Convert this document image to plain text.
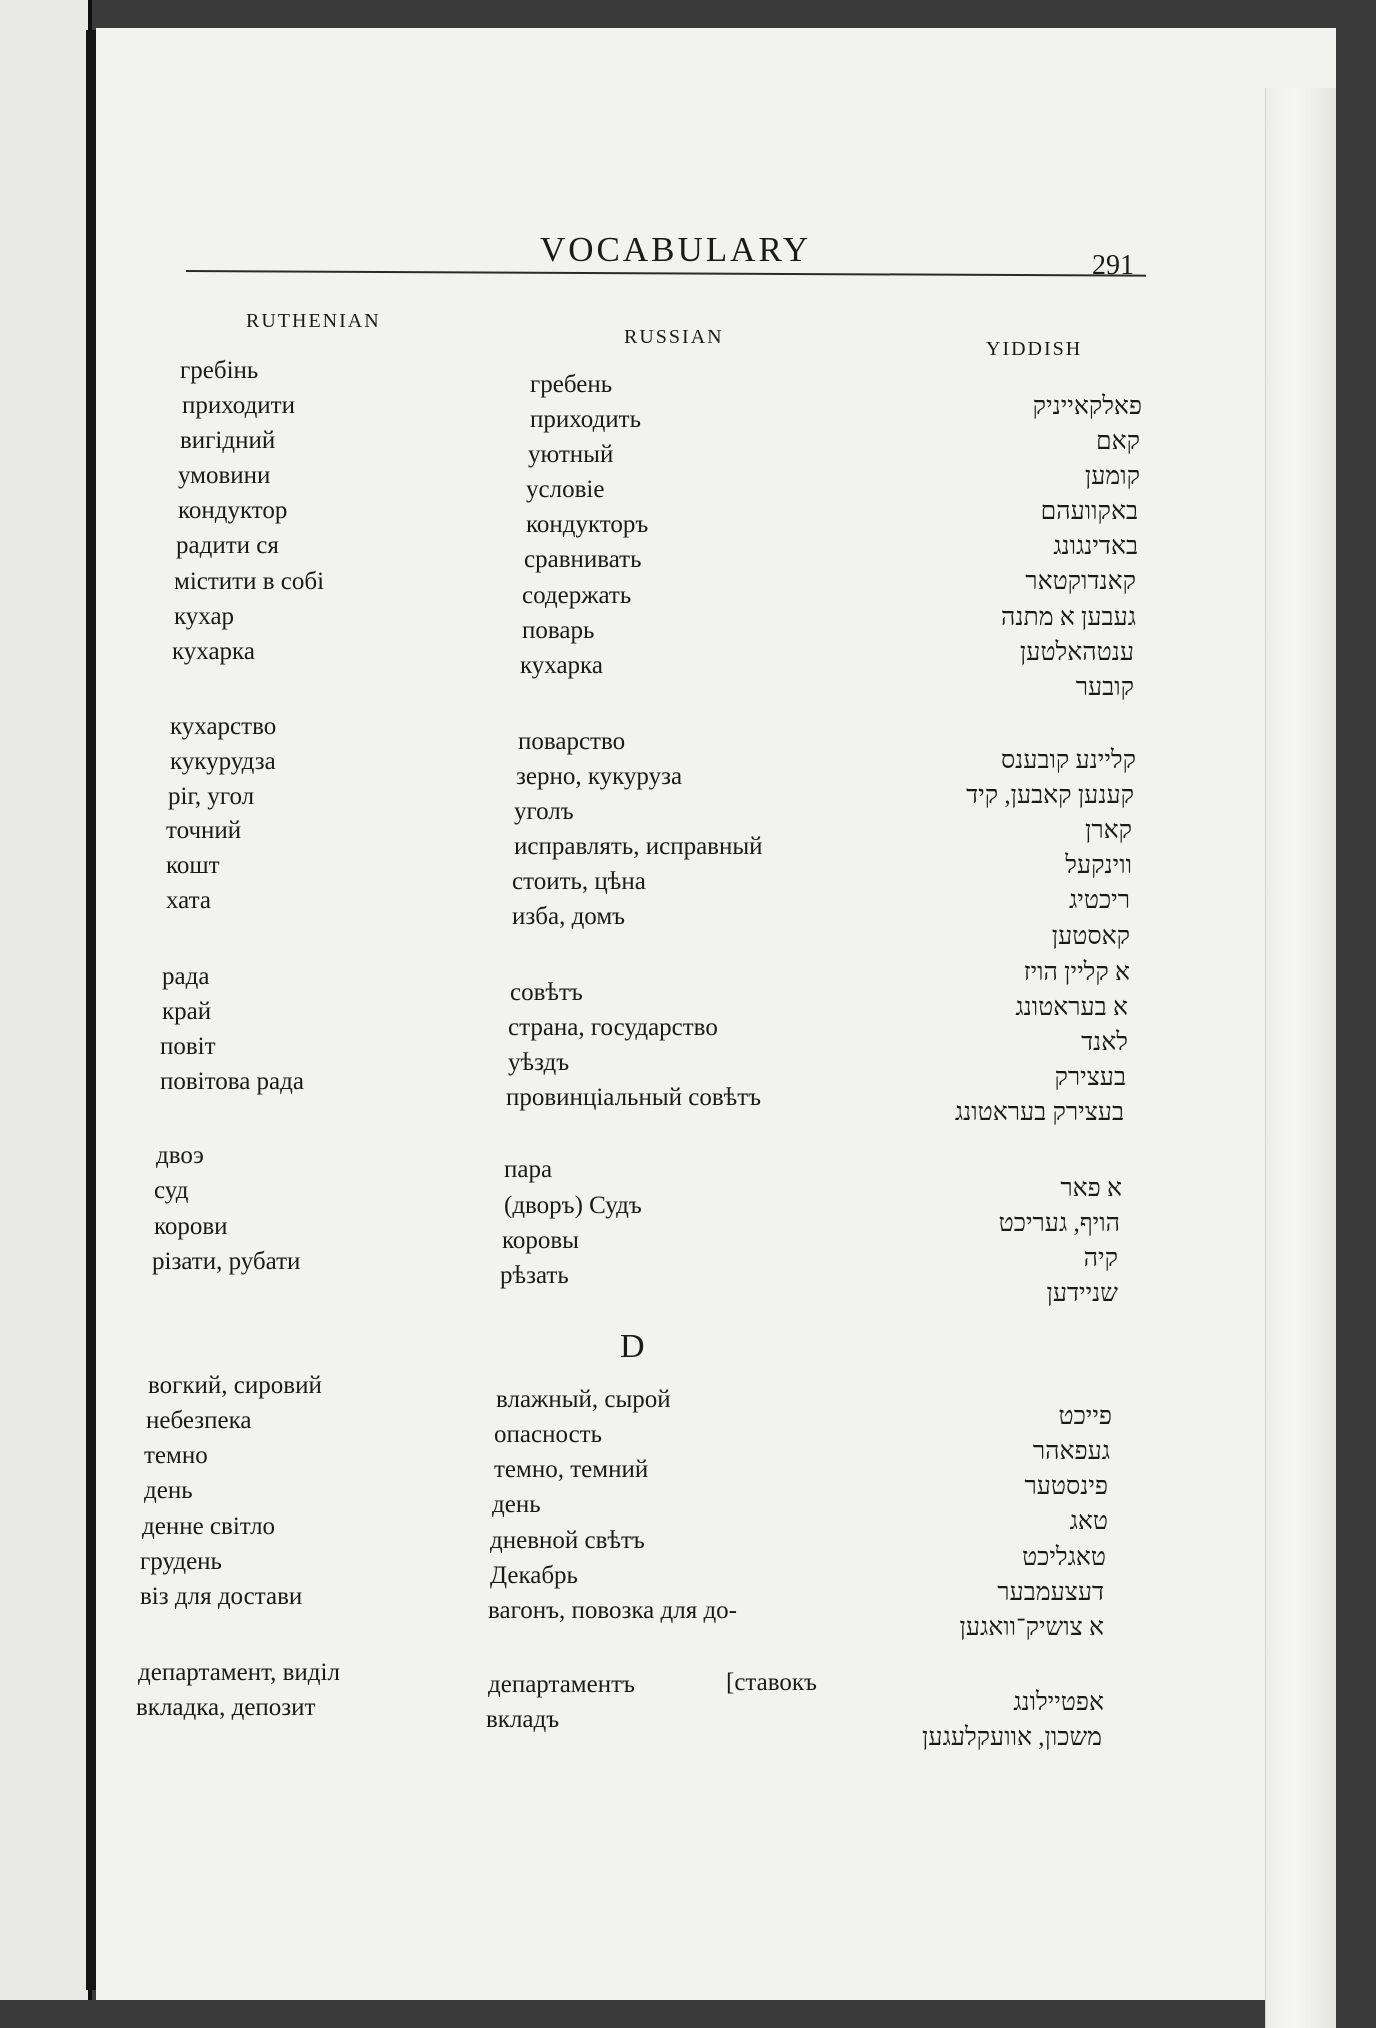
VOCABULARY	291
RUTHENIAN
RUSSIAN
YIDDISH
гребінь
приходити
вигідний
умовини
кондуктор
радити ся
містити в собі
кухар
кухарка
кухарство
кукурудза
ріг, угол
точний
кошт
хата
рада
край
повіт
повітова рада
двоэ
суд
корови
різати, рубати
вогкий, сировий
небезпека
темно
день
денне світло
грудень
віз для достави
департамент, виділ
вкладка, депозит
гребень
приходить
уютный
условіе
кондукторъ
сравнивать
содержать
поварь
кухарка
поварство
зерно, кукуруза
уголъ
исправлять, исправный
стоить, цѣна
изба, домъ
совѣтъ
страна, государство
уѣздъ
провинціальный совѣтъ
пара
(дворъ) Судъ
коровы
рѣзать
влажный, сырой
опасность
темно, темний
день
дневной свѣтъ
Декабрь
вагонъ, повозка для до-
департаментъ
вкладъ
[ставокъ
פאלקאייניק
קאם
קומען
באקוועהם
באדינגונג
קאנדוקטאר
געבען א מתנה
ענטהאלטען
קובער
קליינע קובענס
קענען קאבען, קיד
קארן
ווינקעל
ריכטיג
קאסטען
א קליין הויז
א בעראטונג
לאנד
בעצירק
בעצירק בעראטונג
א פאר
הויף, געריכט
קיה
שניידען
פייכט
געפאהר
פינסטער
טאג
טאגליכט
דעצעמבער
א צושיק־וואגען
אפטיילונג
משכון, אוועקלעגען
D
